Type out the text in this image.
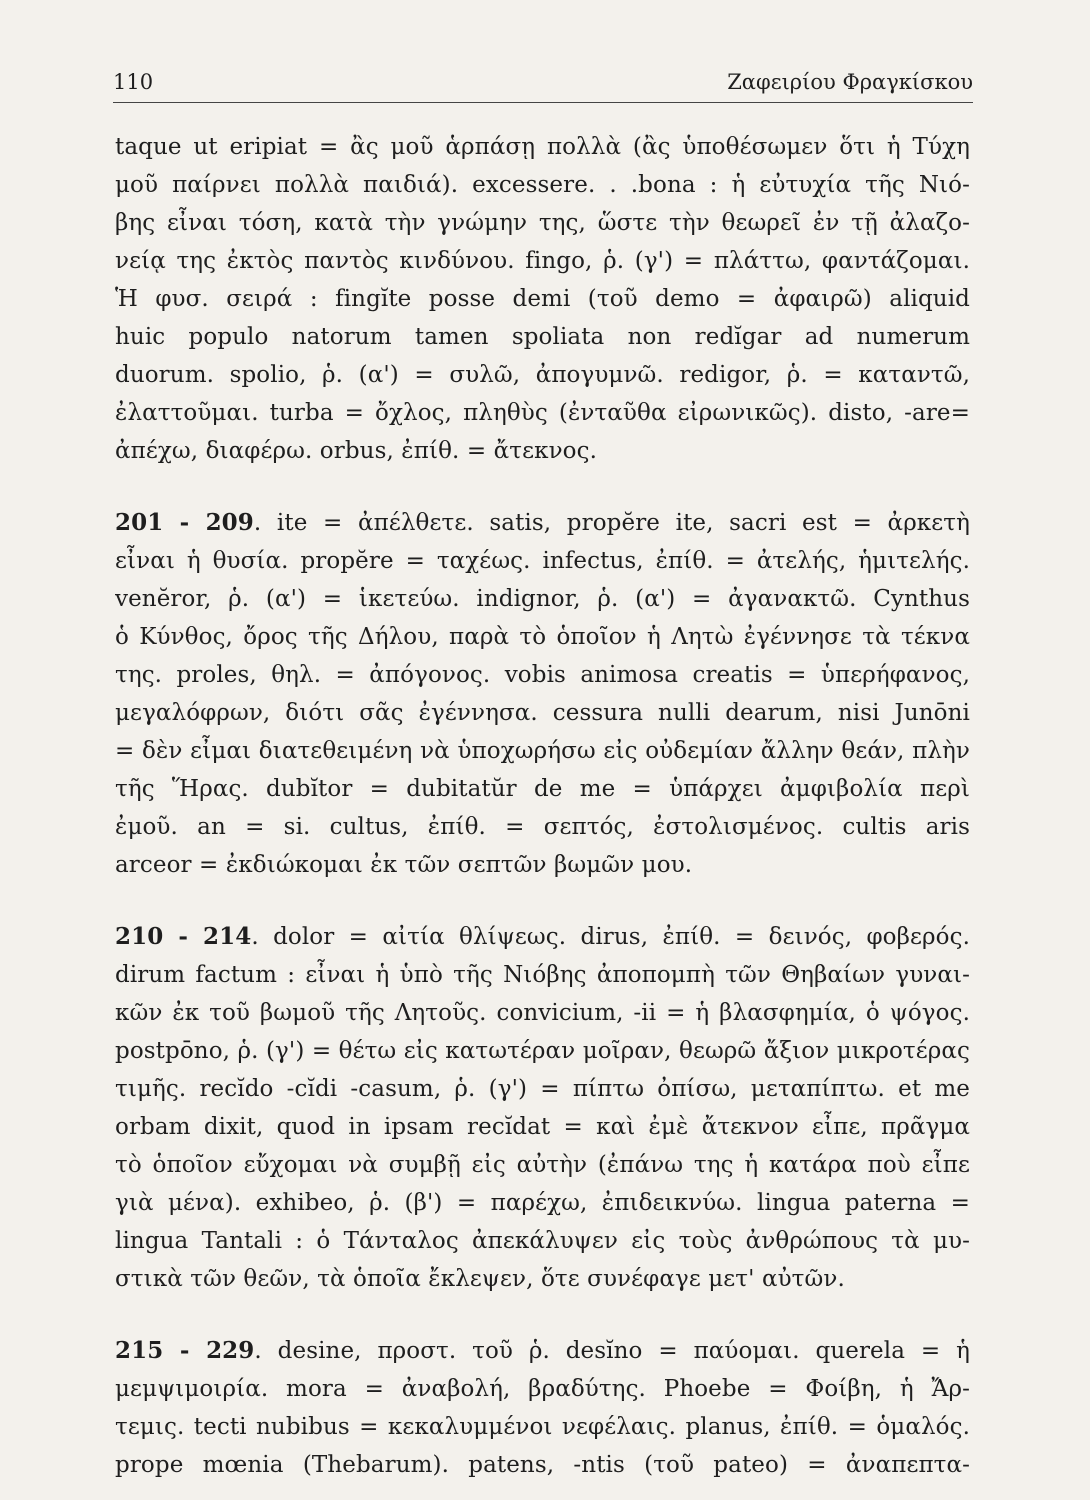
110	Ζαφειρίου Φραγκίσκου
taque ut eripiat = ἂς μοῦ ἁρπάσῃ πολλὰ (ἂς ὑποθέσωμεν ὅτι ἡ Τύχη
μοῦ παίρνει πολλὰ παιδιά). excessere. . .bona : ἡ εὐτυχία τῆς Νιό-
βης εἶναι τόση, κατὰ τὴν γνώμην της, ὥστε τὴν θεωρεῖ ἐν τῇ ἀλαζο-
νείᾳ της ἐκτὸς παντὸς κινδύνου. fingo, ῥ. (γ') = πλάττω, φαντάζομαι.
Ἡ φυσ. σειρά : fingĭte posse demi (τοῦ demo = ἀφαιρῶ) aliquid
huic populo natorum tamen spoliata non redĭgar ad numerum
duorum. spolio, ῥ. (α') = συλῶ, ἀπογυμνῶ. redigor, ῥ. = καταντῶ,
ἐλαττοῦμαι. turba = ὄχλος, πληθὺς (ἐνταῦθα εἰρωνικῶς). disto, -are=
ἀπέχω, διαφέρω. orbus, ἐπίθ. = ἄτεκνος.
201 - 209. ite = ἀπέλθετε. satis, propĕre ite, sacri est = ἀρκετὴ
εἶναι ἡ θυσία. propĕre = ταχέως. infectus, ἐπίθ. = ἀτελής, ἡμιτελής.
venĕror, ῥ. (α') = ἱκετεύω. indignor, ῥ. (α') = ἀγανακτῶ. Cynthus
ὁ Κύνθος, ὄρος τῆς Δήλου, παρὰ τὸ ὁποῖον ἡ Λητὼ ἐγέννησε τὰ τέκνα
της. proles, θηλ. = ἀπόγονος. vobis animosa creatis = ὑπερήφανος,
μεγαλόφρων, διότι σᾶς ἐγέννησα. cessura nulli dearum, nisi Junōni
= δὲν εἶμαι διατεθειμένη νὰ ὑποχωρήσω εἰς οὐδεμίαν ἄλλην θεάν, πλὴν
τῆς Ἥρας. dubĭtor = dubitatŭr de me = ὑπάρχει ἀμφιβολία περὶ
ἐμοῦ. an = si. cultus, ἐπίθ. = σεπτός, ἐστολισμένος. cultis aris
arceor = ἐκδιώκομαι ἐκ τῶν σεπτῶν βωμῶν μου.
210 - 214. dolor = αἰτία θλίψεως. dirus, ἐπίθ. = δεινός, φοβερός.
dirum factum : εἶναι ἡ ὑπὸ τῆς Νιόβης ἀποπομπὴ τῶν Θηβαίων γυναι-
κῶν ἐκ τοῦ βωμοῦ τῆς Λητοῦς. convicium, -ii = ἡ βλασφημία, ὁ ψόγος.
postpōno, ῥ. (γ') = θέτω εἰς κατωτέραν μοῖραν, θεωρῶ ἄξιον μικροτέρας
τιμῆς. recĭdo -cĭdi -casum, ῥ. (γ') = πίπτω ὀπίσω, μεταπίπτω. et me
orbam dixit, quod in ipsam recĭdat = καὶ ἐμὲ ἄτεκνον εἶπε, πρᾶγμα
τὸ ὁποῖον εὔχομαι νὰ συμβῇ εἰς αὐτὴν (ἐπάνω της ἡ κατάρα ποὺ εἶπε
γιὰ μένα). exhibeo, ῥ. (β') = παρέχω, ἐπιδεικνύω. lingua paterna =
lingua Tantali : ὁ Τάνταλος ἀπεκάλυψεν εἰς τοὺς ἀνθρώπους τὰ μυ-
στικὰ τῶν θεῶν, τὰ ὁποῖα ἔκλεψεν, ὅτε συνέφαγε μετ' αὐτῶν.
215 - 229. desine, προστ. τοῦ ῥ. desĭno = παύομαι. querela = ἡ
μεμψιμοιρία. mora = ἀναβολή, βραδύτης. Phoebe = Φοίβη, ἡ Ἄρ-
τεμις. tecti nubibus = κεκαλυμμένοι νεφέλαις. planus, ἐπίθ. = ὁμαλός.
prope mœnia (Thebarum). patens, -ntis (τοῦ pateo) = ἀναπεπτα-
